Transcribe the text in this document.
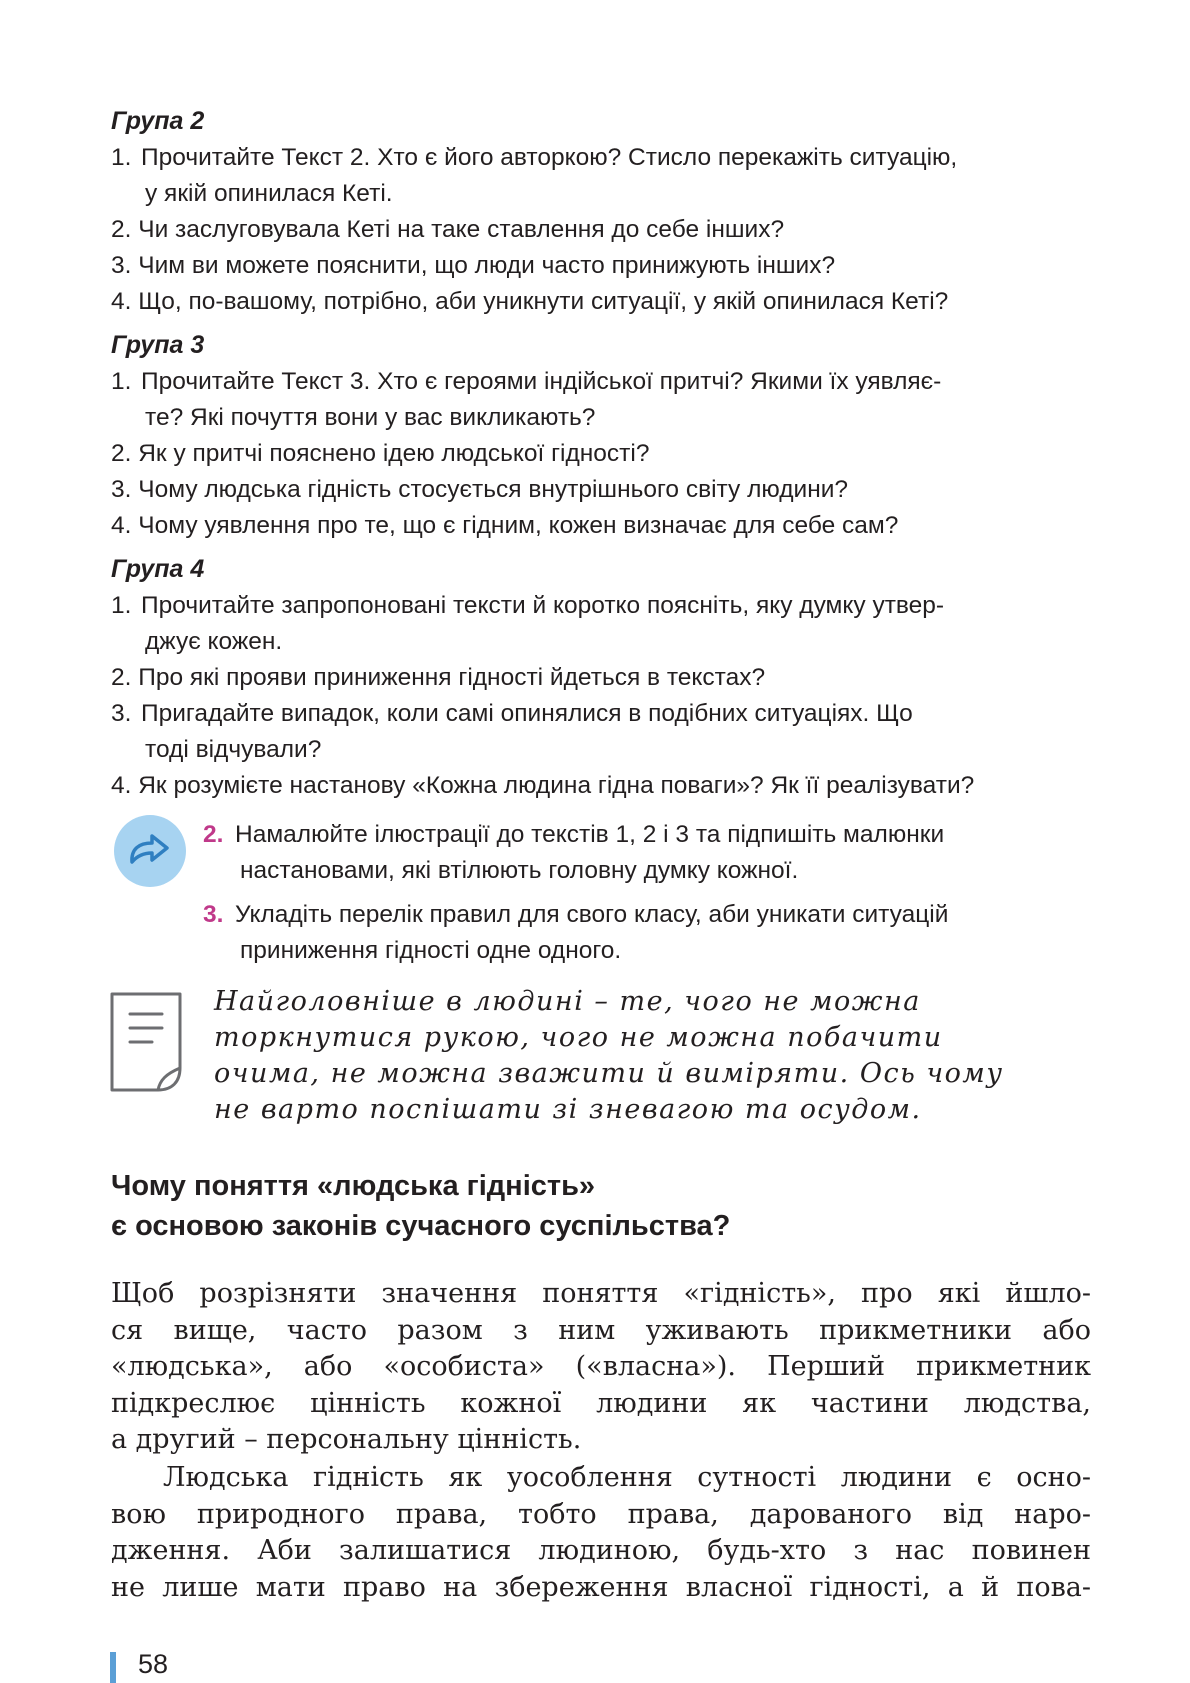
Група 2
1. Прочитайте Текст 2. Хто є його авторкою? Стисло перекажіть ситуацію,
у якій опинилася Кеті.
2. Чи заслуговувала Кеті на таке ставлення до себе інших?
3. Чим ви можете пояснити, що люди часто принижують інших?
4. Що, по-вашому, потрібно, аби уникнути ситуації, у якій опинилася Кеті?
Група 3
1. Прочитайте Текст 3. Хто є героями індійської притчі? Якими їх уявляє-
те? Які почуття вони у вас викликають?
2. Як у притчі пояснено ідею людської гідності?
3. Чому людська гідність стосується внутрішнього світу людини?
4. Чому уявлення про те, що є гідним, кожен визначає для себе сам?
Група 4
1. Прочитайте запропоновані тексти й коротко поясніть, яку думку утвер-
джує кожен.
2. Про які прояви приниження гідності йдеться в текстах?
3. Пригадайте випадок, коли самі опинялися в подібних ситуаціях. Що
тоді відчували?
4. Як розумієте настанову «Кожна людина гідна поваги»? Як її реалізувати?
2. Намалюйте ілюстрації до текстів 1, 2 і 3 та підпишіть малюнки
настановами, які втілюють головну думку кожної.
3. Укладіть перелік правил для свого класу, аби уникати ситуацій
приниження гідності одне одного.
Найголовніше в людині – те, чого не можна
торкнутися рукою, чого не можна побачити
очима, не можна зважити й виміряти. Ось чому
не варто поспішати зі зневагою та осудом.
Чому поняття «людська гідність»
є основою законів сучасного суспільства?
Щоб розрізняти значення поняття «гідність», про які йшло-
ся вище, часто разом з ним уживають прикметники або
«людська», або «особиста» («власна»). Перший прикметник
підкреслює цінність кожної людини як частини людства,
а другий – персональну цінність.
Людська гідність як уособлення сутності людини є осно-
вою природного права, тобто права, дарованого від наро-
дження. Аби залишатися людиною, будь-хто з нас повинен
не лише мати право на збереження власної гідності, а й пова-
58
